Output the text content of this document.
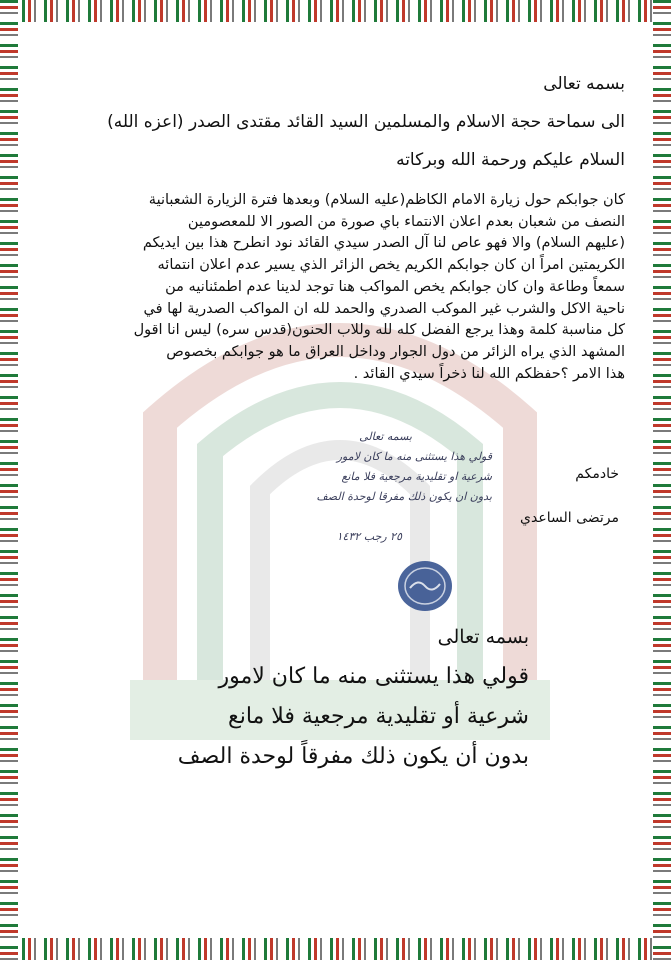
بسمه تعالى
الى سماحة حجة الاسلام والمسلمين السيد القائد مقتدى الصدر (اعزه الله)
السلام عليكم ورحمة الله وبركاته

كان جوابكم حول زيارة الامام الكاظم(عليه السلام) وبعدها فترة الزيارة الشعبانية

النصف من شعبان بعدم اعلان الانتماء باي صورة من الصور الا للمعصومين

(عليهم السلام) والا فهو عاص لنا آل الصدر سيدي القائد نود انطرح هذا بين ايديكم

الكريمتين امراً ان كان جوابكم الكريم يخص الزائر الذي يسير عدم اعلان انتمائه

سمعاً وطاعة وان كان جوابكم يخص المواكب هنا توجد لدينا عدم اطمئنانيه من

ناحية الاكل والشرب غير الموكب الصدري والحمد لله ان المواكب الصدرية لها في

كل مناسبة كلمة وهذا يرجع الفضل كله لله وللاب الحنون(قدس سره) ليس انا اقول

المشهد الذي يراه الزائر من دول الجوار وداخل العراق ما هو جوابكم بخصوص

هذا الامر ؟حفظكم الله لنا ذخراً سيدي القائد .

خادمكم
مرتضى الساعدي
بسمه تعالى
قولي هذا يستثنى منه ما كان لامور
شرعية او تقليدية مرجعية فلا مانع
بدون ان يكون ذلك مفرقا لوحدة الصف
٢٥ رجب ١٤٣٢
بسمه تعالى
قولي هذا يستثنى منه ما كان لامور
شرعية أو تقليدية مرجعية فلا مانع
بدون أن يكون ذلك مفرقاً لوحدة الصف
